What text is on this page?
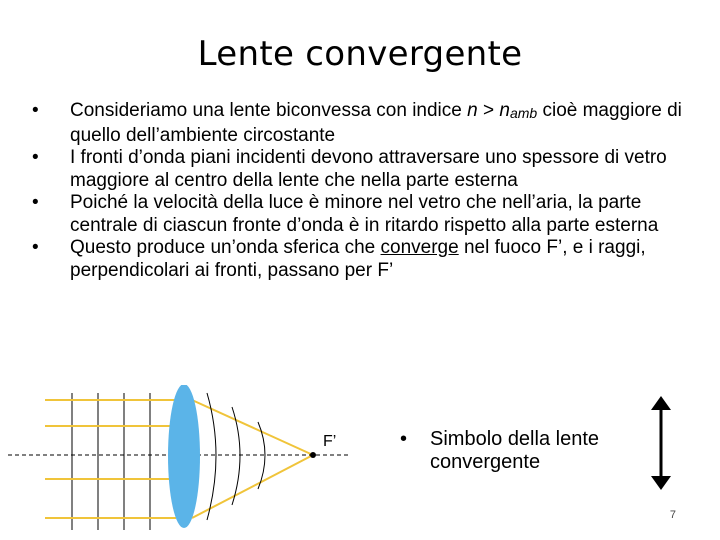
Lente convergente
• Consideriamo una lente biconvessa con indice n > namb cioè maggiore di quello dell’ambiente circostante
• I fronti d’onda piani incidenti devono attraversare uno spessore di vetro maggiore al centro della lente che nella parte esterna
• Poiché la velocità della luce è minore nel vetro che nell’aria, la parte centrale di ciascun fronte d’onda è in ritardo rispetto alla parte esterna
• Questo produce un’onda sferica che converge nel fuoco F’, e i raggi, perpendicolari ai fronti, passano per F’
F’	• Simbolo della lente convergente
7
